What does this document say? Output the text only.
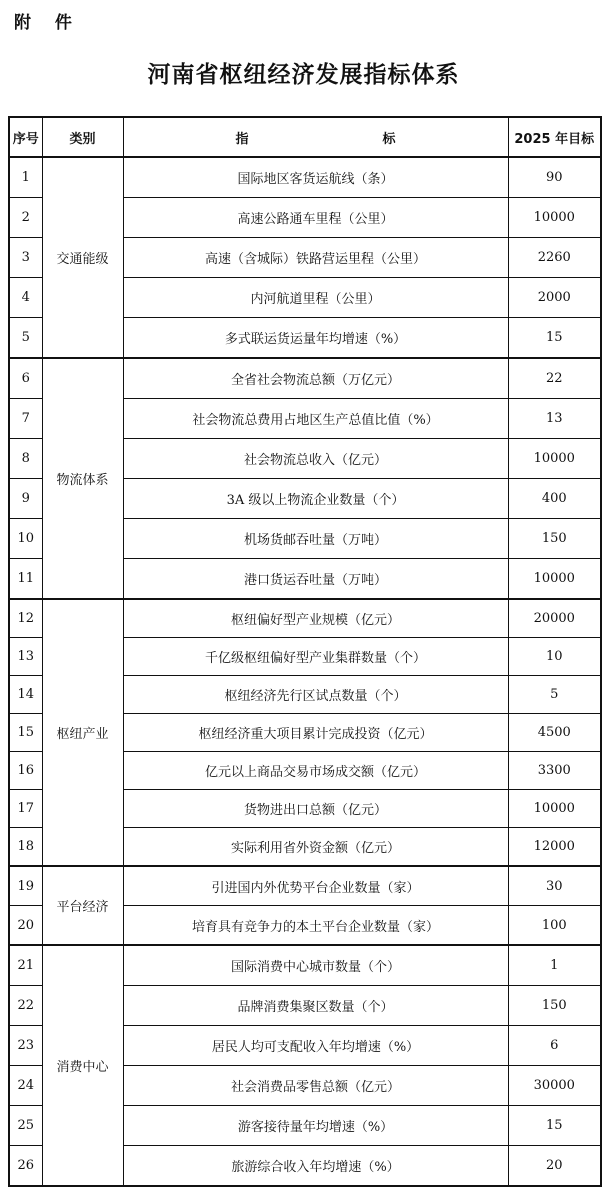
附 件
河南省枢纽经济发展指标体系
序号	类别	指　　标	2025 年目标
1	交通能级	国际地区客货运航线（条）	90
2		高速公路通车里程（公里）	10000
3		高速（含城际）铁路营运里程（公里）	2260
4		内河航道里程（公里）	2000
5		多式联运货运量年均增速（%）	15
6	物流体系	全省社会物流总额（万亿元）	22
7		社会物流总费用占地区生产总值比值（%）	13
8		社会物流总收入（亿元）	10000
9		3A 级以上物流企业数量（个）	400
10		机场货邮吞吐量（万吨）	150
11		港口货运吞吐量（万吨）	10000
12	枢纽产业	枢纽偏好型产业规模（亿元）	20000
13		千亿级枢纽偏好型产业集群数量（个）	10
14		枢纽经济先行区试点数量（个）	5
15		枢纽经济重大项目累计完成投资（亿元）	4500
16		亿元以上商品交易市场成交额（亿元）	3300
17		货物进出口总额（亿元）	10000
18		实际利用省外资金额（亿元）	12000
19	平台经济	引进国内外优势平台企业数量（家）	30
20		培育具有竞争力的本土平台企业数量（家）	100
21	消费中心	国际消费中心城市数量（个）	1
22		品牌消费集聚区数量（个）	150
23		居民人均可支配收入年均增速（%）	6
24		社会消费品零售总额（亿元）	30000
25		游客接待量年均增速（%）	15
26		旅游综合收入年均增速（%）	20
